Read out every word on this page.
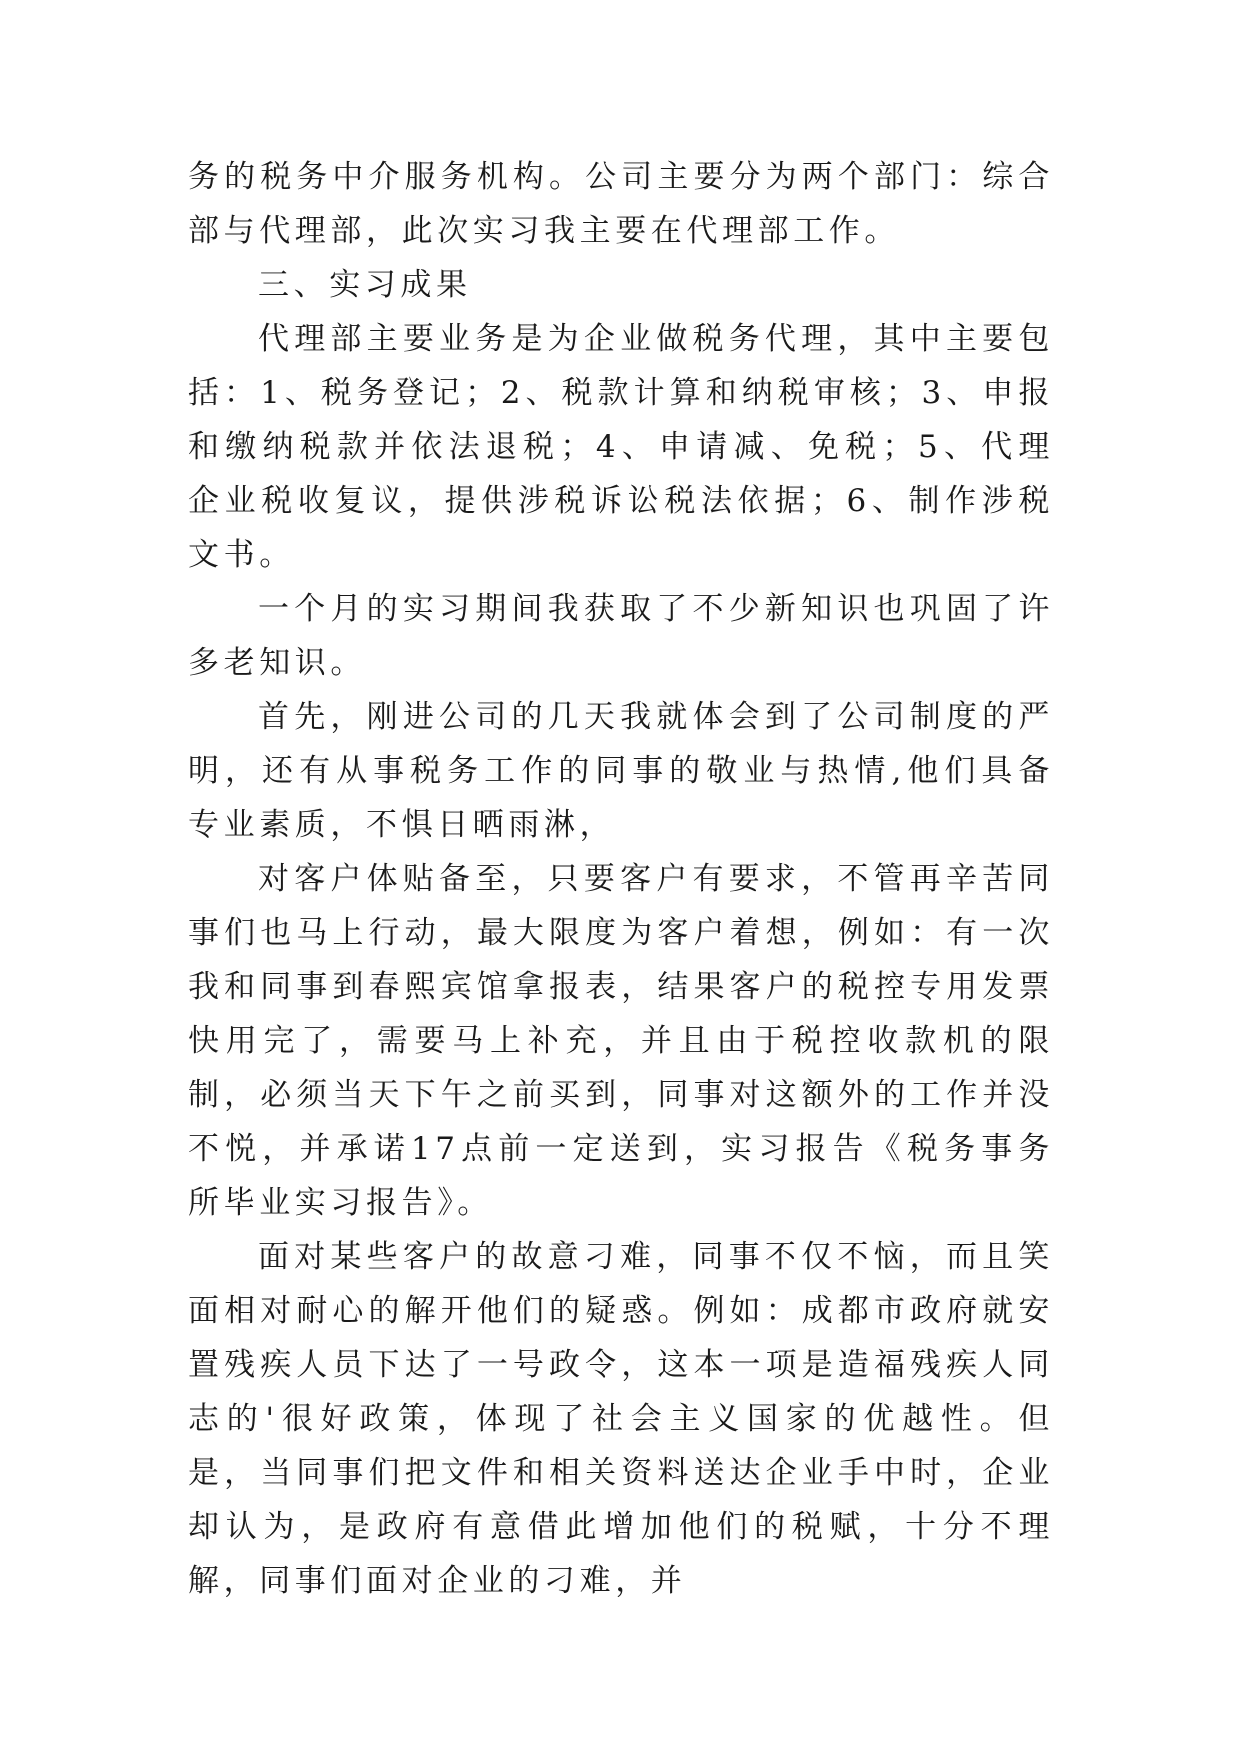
务的税务中介服务机构。公司主要分为两个部门：综合部与代理部，此次实习我主要在代理部工作。

三、实习成果

代理部主要业务是为企业做税务代理，其中主要包括：1、税务登记；2、税款计算和纳税审核；3、申报和缴纳税款并依法退税；4、申请减、免税；5、代理企业税收复议，提供涉税诉讼税法依据；6、制作涉税文书。

一个月的实习期间我获取了不少新知识也巩固了许多老知识。

首先，刚进公司的几天我就体会到了公司制度的严明，还有从事税务工作的同事的敬业与热情,他们具备专业素质，不惧日晒雨淋，

对客户体贴备至，只要客户有要求，不管再辛苦同事们也马上行动，最大限度为客户着想，例如：有一次我和同事到春熙宾馆拿报表，结果客户的税控专用发票快用完了，需要马上补充，并且由于税控收款机的限制，必须当天下午之前买到，同事对这额外的工作并没不悦，并承诺17点前一定送到，实习报告《税务事务所毕业实习报告》。

面对某些客户的故意刁难，同事不仅不恼，而且笑面相对耐心的解开他们的疑惑。例如：成都市政府就安置残疾人员下达了一号政令，这本一项是造福残疾人同志的'很好政策，体现了社会主义国家的优越性。但是，当同事们把文件和相关资料送达企业手中时，企业却认为，是政府有意借此增加他们的税赋，十分不理解，同事们面对企业的刁难，并
